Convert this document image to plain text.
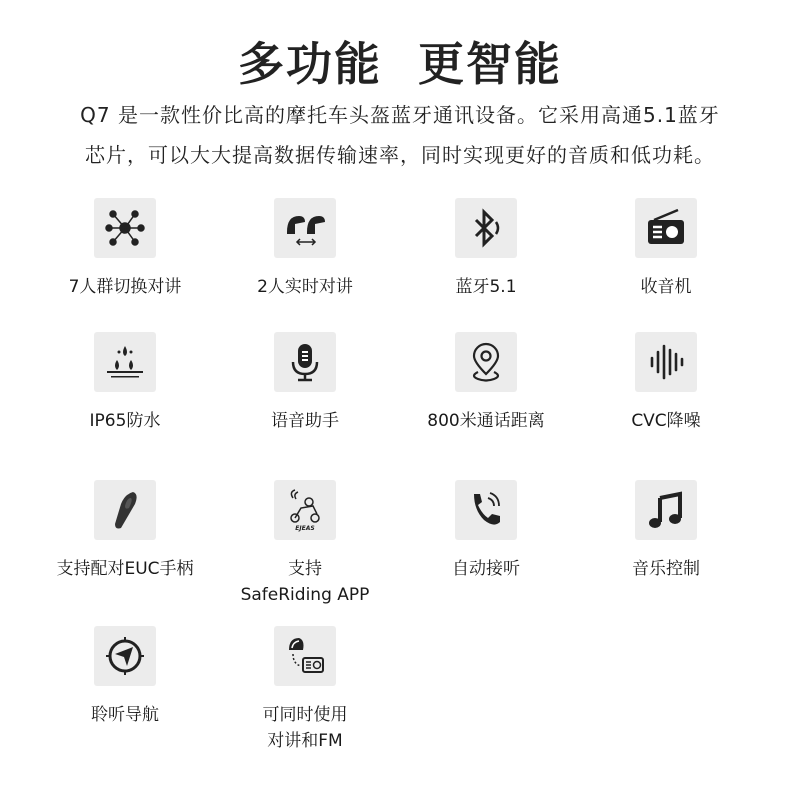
多功能  更智能
Q7 是一款性价比高的摩托车头盔蓝牙通讯设备。它采用高通5.1蓝牙
芯片，可以大大提高数据传输速率，同时实现更好的音质和低功耗。
7人群切换对讲	2人实时对讲	蓝牙5.1	收音机
IP65防水	语音助手	800米通话距离	CVC降噪
支持配对EUC手柄
EJEAS
支持
SafeRiding APP
自动接听	音乐控制
聆听导航	可同时使用
对讲和FM
